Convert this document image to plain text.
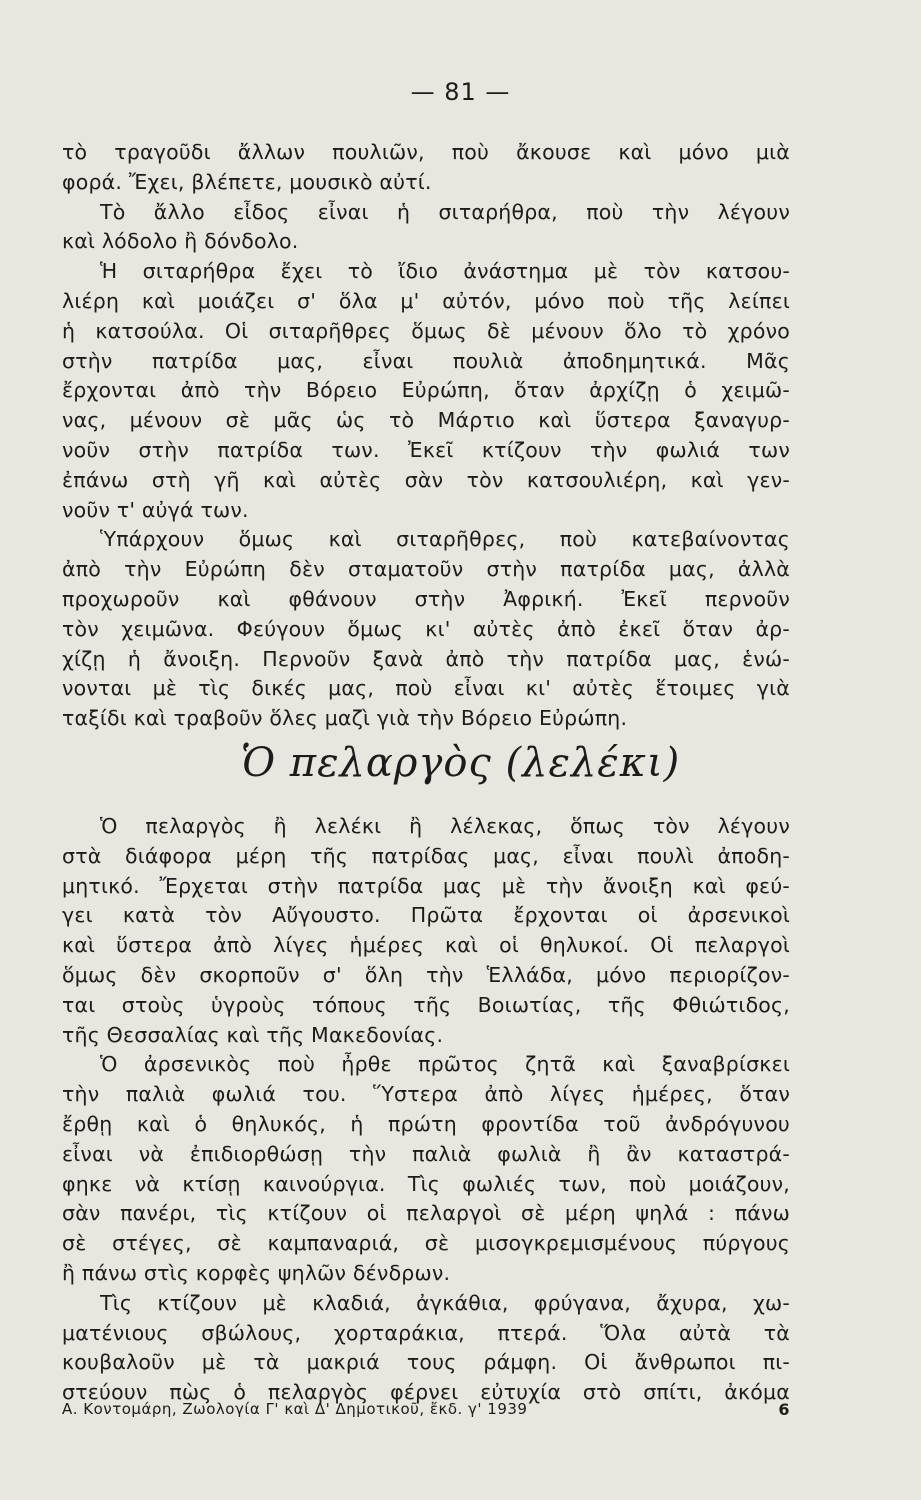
— 81 —
τὸ τραγοῦδι ἄλλων πουλιῶν, ποὺ ἄκουσε καὶ μόνο μιὰ
φορά. Ἔχει, βλέπετε, μουσικὸ αὐτί.
Τὸ ἄλλο εἶδος εἶναι ἡ σιταρήθρα, ποὺ τὴν λέγουν
καὶ λόδολο ἢ δόνδολο.
Ἡ σιταρήθρα ἔχει τὸ ἴδιο ἀνάστημα μὲ τὸν κατσου-
λιέρη καὶ μοιάζει σ' ὅλα μ' αὐτόν, μόνο ποὺ τῆς λείπει
ἡ κατσούλα. Οἱ σιταρῆθρες ὅμως δὲ μένουν ὅλο τὸ χρόνο
στὴν πατρίδα μας, εἶναι πουλιὰ ἀποδημητικά. Μᾶς
ἔρχονται ἀπὸ τὴν Βόρειο Εὐρώπη, ὅταν ἀρχίζῃ ὁ χειμῶ-
νας, μένουν σὲ μᾶς ὡς τὸ Μάρτιο καὶ ὕστερα ξαναγυρ-
νοῦν στὴν πατρίδα των. Ἐκεῖ κτίζουν τὴν φωλιά των
ἐπάνω στὴ γῆ καὶ αὐτὲς σὰν τὸν κατσουλιέρη, καὶ γεν-
νοῦν τ' αὐγά των.
Ὑπάρχουν ὅμως καὶ σιταρῆθρες, ποὺ κατεβαίνοντας
ἀπὸ τὴν Εὐρώπη δὲν σταματοῦν στὴν πατρίδα μας, ἀλλὰ
προχωροῦν καὶ φθάνουν στὴν Ἀφρική. Ἐκεῖ περνοῦν
τὸν χειμῶνα. Φεύγουν ὅμως κι' αὐτὲς ἀπὸ ἐκεῖ ὅταν ἀρ-
χίζῃ ἡ ἄνοιξη. Περνοῦν ξανὰ ἀπὸ τὴν πατρίδα μας, ἑνώ-
νονται μὲ τὶς δικές μας, ποὺ εἶναι κι' αὐτὲς ἕτοιμες γιὰ
ταξίδι καὶ τραβοῦν ὅλες μαζὶ γιὰ τὴν Βόρειο Εὐρώπη.
Ὁ πελαργὸς (λελέκι)
Ὁ πελαργὸς ἢ λελέκι ἢ λέλεκας, ὅπως τὸν λέγουν
στὰ διάφορα μέρη τῆς πατρίδας μας, εἶναι πουλὶ ἀποδη-
μητικό. Ἔρχεται στὴν πατρίδα μας μὲ τὴν ἄνοιξη καὶ φεύ-
γει κατὰ τὸν Αὔγουστο. Πρῶτα ἔρχονται οἱ ἀρσενικοὶ
καὶ ὕστερα ἀπὸ λίγες ἡμέρες καὶ οἱ θηλυκοί. Οἱ πελαργοὶ
ὅμως δὲν σκορποῦν σ' ὅλη τὴν Ἑλλάδα, μόνο περιορίζον-
ται στοὺς ὑγροὺς τόπους τῆς Βοιωτίας, τῆς Φθιώτιδος,
τῆς Θεσσαλίας καὶ τῆς Μακεδονίας.
Ὁ ἀρσενικὸς ποὺ ἦρθε πρῶτος ζητᾶ καὶ ξαναβρίσκει
τὴν παλιὰ φωλιά του. Ὕστερα ἀπὸ λίγες ἡμέρες, ὅταν
ἔρθῃ καὶ ὁ θηλυκός, ἡ πρώτη φροντίδα τοῦ ἀνδρόγυνου
εἶναι νὰ ἐπιδιορθώσῃ τὴν παλιὰ φωλιὰ ἢ ἂν καταστρά-
φηκε νὰ κτίσῃ καινούργια. Τὶς φωλιές των, ποὺ μοιάζουν,
σὰν πανέρι, τὶς κτίζουν οἱ πελαργοὶ σὲ μέρη ψηλά : πάνω
σὲ στέγες, σὲ καμπαναριά, σὲ μισογκρεμισμένους πύργους
ἢ πάνω στὶς κορφὲς ψηλῶν δένδρων.
Τὶς κτίζουν μὲ κλαδιά, ἀγκάθια, φρύγανα, ἄχυρα, χω-
ματένιους σβώλους, χορταράκια, πτερά. Ὅλα αὐτὰ τὰ
κουβαλοῦν μὲ τὰ μακριά τους ράμφη. Οἱ ἄνθρωποι πι-
στεύουν πὼς ὁ πελαργὸς φέρνει εὐτυχία στὸ σπίτι, ἀκόμα
Α. Κοντομάρη, Ζωολογία Γ' καὶ Δ' Δημοτικοῦ, ἔκδ. γ' 1939	6
